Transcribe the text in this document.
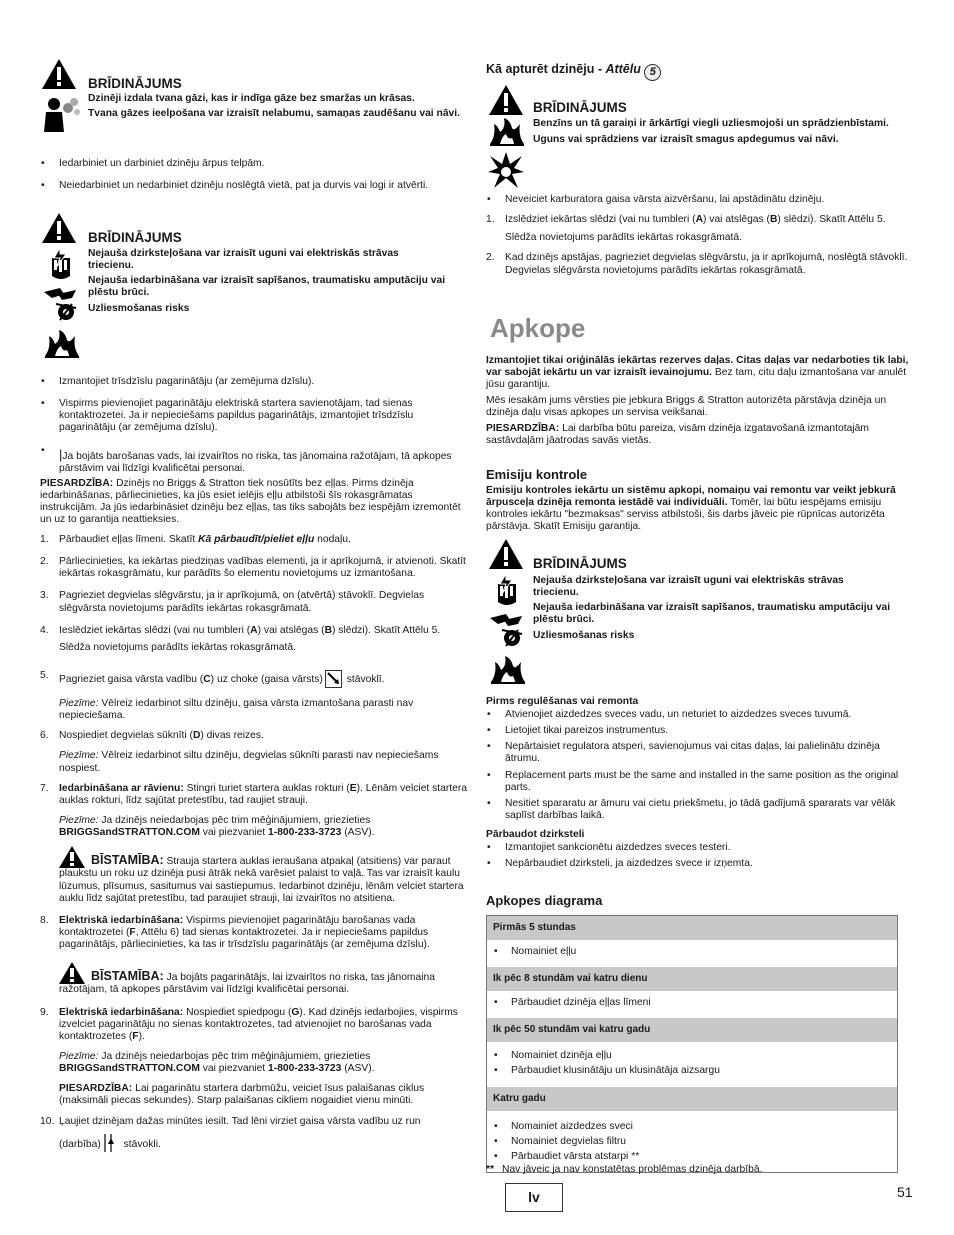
BRĪDINĀJUMS
Dzinēji izdala tvana gāzi, kas ir indīga gāze bez smaržas un krāsas.
Tvana gāzes ieelpošana var izraisīt nelabumu, samaņas zaudēšanu vai nāvi.
• Iedarbiniet un darbiniet dzinēju ārpus telpām.
• Neiedarbiniet un nedarbiniet dzinēju noslēgtā vietā, pat ja durvis vai logi ir atvērti.
BRĪDINĀJUMS
Nejauša dzirksteļošana var izraisīt uguni vai elektriskās strāvas triecienu.
Nejauša iedarbināšana var izraisīt sapīšanos, traumatisku amputāciju vai plēstu brūci.
Uzliesmošanas risks
• Izmantojiet trīsdzīslu pagarinātāju (ar zemējuma dzīslu).
• Vispirms pievienojiet pagarinātāju elektriskā startera savienotājam, tad sienas kontaktrozetei. Ja ir nepieciešams papildus pagarinātājs, izmantojiet trīsdzīslu pagarinātāju (ar zemējuma dzīslu).
• |Ja bojāts barošanas vads, lai izvairītos no riska, tas jānomaina ražotājam, tā apkopes pārstāvim vai līdzīgi kvalificētai personai.

PIESARDZĪBA: Dzinējs no Briggs & Stratton tiek nosūtīts bez eļļas. Pirms dzinēja iedarbināšanas, pārliecinieties, ka jūs esiet ielējis eļļu atbilstoši šīs rokasgrāmatas instrukcijām. Ja jūs iedarbināsiet dzinēju bez eļļas, tas tiks sabojāts bez iespējām izremontēt un uz to garantija neattieksies.

1. Pārbaudiet eļļas līmeni. Skatīt Kā pārbaudīt/pieliet eļļu nodaļu.
2. Pārliecinieties, ka iekārtas piedziņas vadības elementi, ja ir aprīkojumā, ir atvienoti. Skatīt iekārtas rokasgrāmatu, kur parādīts šo elementu novietojums uz izmantošana.
3. Pagrieziet degvielas slēgvārstu, ja ir aprīkojumā, on (atvērtā) stāvoklī. Degvielas slēgvārsta novietojums parādīts iekārtas rokasgrāmatā.
4. Ieslēdziet iekārtas slēdzi (vai nu tumbleri (A) vai atslēgas (B) slēdzi). Skatīt Attēlu 5.
Slēdža novietojums parādīts iekārtas rokasgrāmatā.
5. Pagrieziet gaisa vārsta vadību (C) uz choke (gaisa vārsts) stāvoklī.
Piezīme: Vēlreiz iedarbinot siltu dzinēju, gaisa vārsta izmantošana parasti nav nepieciešama.
6. Nospiediet degvielas sūknīti (D) divas reizes.
Piezīme: Vēlreiz iedarbinot siltu dzinēju, degvielas sūknīti parasti nav nepieciešams nospiest.
7. Iedarbināšana ar rāvienu: Stingri turiet startera auklas rokturi (E). Lēnām velciet startera auklas rokturi, līdz sajūtat pretestību, tad raujiet strauji.
Piezīme: Ja dzinējs neiedarbojas pēc trim mēģinājumiem, griezieties BRIGGSandSTRATTON.COM vai piezvaniet 1-800-233-3723 (ASV).
BĪSTAMĪBA: Strauja startera auklas ieraušana atpakaļ (atsitiens) var paraut plaukstu un roku uz dzinēja pusi ātrāk nekā varēsiet palaist to vaļā. Tas var izraisīt kaulu lūzumus, plīsumus, sasitumus vai sastiepumus. Iedarbinot dzinēju, lēnām velciet startera auklu līdz sajūtat pretestību, tad paraujiet strauji, lai izvairītos no atsitiena.
8. Elektriskā iedarbināšana: Vispirms pievienojiet pagarinātāju barošanas vada kontaktrozetei (F, Attēlu 6) tad sienas kontaktrozetei. Ja ir nepieciešams papildus pagarinātājs, pārliecinieties, ka tas ir trīsdzīslu pagarinātājs (ar zemējuma dzīslu).
BĪSTAMĪBA: Ja bojāts pagarinātājs, lai izvairītos no riska, tas jānomaina ražotājam, tā apkopes pārstāvim vai līdzīgi kvalificētai personai.
9. Elektriskā iedarbināšana: Nospiediet spiedpogu (G). Kad dzinējs iedarbojies, vispirms izvelciet pagarinātāju no sienas kontaktrozetes, tad atvienojiet no barošanas vada kontaktrozetes (F).
Piezīme: Ja dzinējs neiedarbojas pēc trim mēģinājumiem, griezieties BRIGGSandSTRATTON.COM vai piezvaniet 1-800-233-3723 (ASV).
PIESARDZĪBA: Lai pagarinātu startera darbmūžu, veiciet īsus palaišanas ciklus (maksimāli piecas sekundes). Starp palaišanas cikliem nogaidiet vienu minūti.
10. Ļaujiet dzinējam dažas minūtes iesilt. Tad lēni virziet gaisa vārsta vadību uz run
(darbība) stāvokli.
Kā apturēt dzinēju - Attēlu 5
BRĪDINĀJUMS
Benzīns un tā garaiņi ir ārkārtīgi viegli uzliesmojoši un sprādzienbīstami.
Uguns vai sprādziens var izraisīt smagus apdegumus vai nāvi.
• Neveiciet karburatora gaisa vārsta aizvēršanu, lai apstādinātu dzinēju.
1. Izslēdziet iekārtas slēdzi (vai nu tumbleri (A) vai atslēgas (B) slēdzi). Skatīt Attēlu 5.
Slēdža novietojums parādīts iekārtas rokasgrāmatā.
2. Kad dzinējs apstājas, pagrieziet degvielas slēgvārstu, ja ir aprīkojumā, noslēgtā stāvoklī. Degvielas slēgvārsta novietojums parādīts iekārtas rokasgrāmatā.
Apkope

Izmantojiet tikai oriģinālās iekārtas rezerves daļas. Citas daļas var nedarboties tik labi, var sabojāt iekārtu un var izraisīt ievainojumu. Bez tam, citu daļu izmantošana var anulēt jūsu garantiju.

Mēs iesakām jums vērsties pie jebkura Briggs & Stratton autorizēta pārstāvja dzinēja un dzinēja daļu visas apkopes un servisa veikšanai.

PIESARDZĪBA: Lai darbība būtu pareiza, visām dzinēja izgatavošanā izmantotajām sastāvdaļām jāatrodas savās vietās.

Emisiju kontrole

Emisiju kontroles iekārtu un sistēmu apkopi, nomaiņu vai remontu var veikt jebkurā ārpusceļa dzinēja remonta iestādē vai individuāli. Tomēr, lai būtu iespējams emisiju kontroles iekārtu "bezmaksas" serviss atbilstoši, šis darbs jāveic pie rūpnīcas autorizēta pārstāvja. Skatīt Emisiju garantija.

BRĪDINĀJUMS
Nejauša dzirksteļošana var izraisīt uguni vai elektriskās strāvas triecienu.
Nejauša iedarbināšana var izraisīt sapīšanos, traumatisku amputāciju vai plēstu brūci.
Uzliesmošanas risks
Pirms regulēšanas vai remonta
• Atvienojiet aizdedzes sveces vadu, un neturiet to aizdedzes sveces tuvumā.
• Lietojiet tikai pareizos instrumentus.
• Nepārtaisiet regulatora atsperi, savienojumus vai citas daļas, lai palielinātu dzinēja ātrumu.
• Replacement parts must be the same and installed in the same position as the original parts.
• Nesitiet spararatu ar āmuru vai cietu priekšmetu, jo tādā gadījumā spararats var vēlāk saplīst darbības laikā.
Pārbaudot dzirksteli
• Izmantojiet sankcionētu aizdedzes sveces testeri.
• Nepārbaudiet dzirksteli, ja aizdedzes svece ir izņemta.
Apkopes diagrama
Pirmās 5 stundas
• Nomainiet eļļu
Ik pēc 8 stundām vai katru dienu
• Pārbaudiet dzinēja eļļas līmeni
Ik pēc 50 stundām vai katru gadu
• Nomainiet dzinēja eļļu
• Pārbaudiet klusinātāju un klusinātāja aizsargu
Katru gadu
• Nomainiet aizdedzes sveci
• Nomainiet degvielas filtru
• Pārbaudiet vārsta atstarpi **
** Nav jāveic ja nav konstatētas problēmas dzinēja darbībā.
lv	51
